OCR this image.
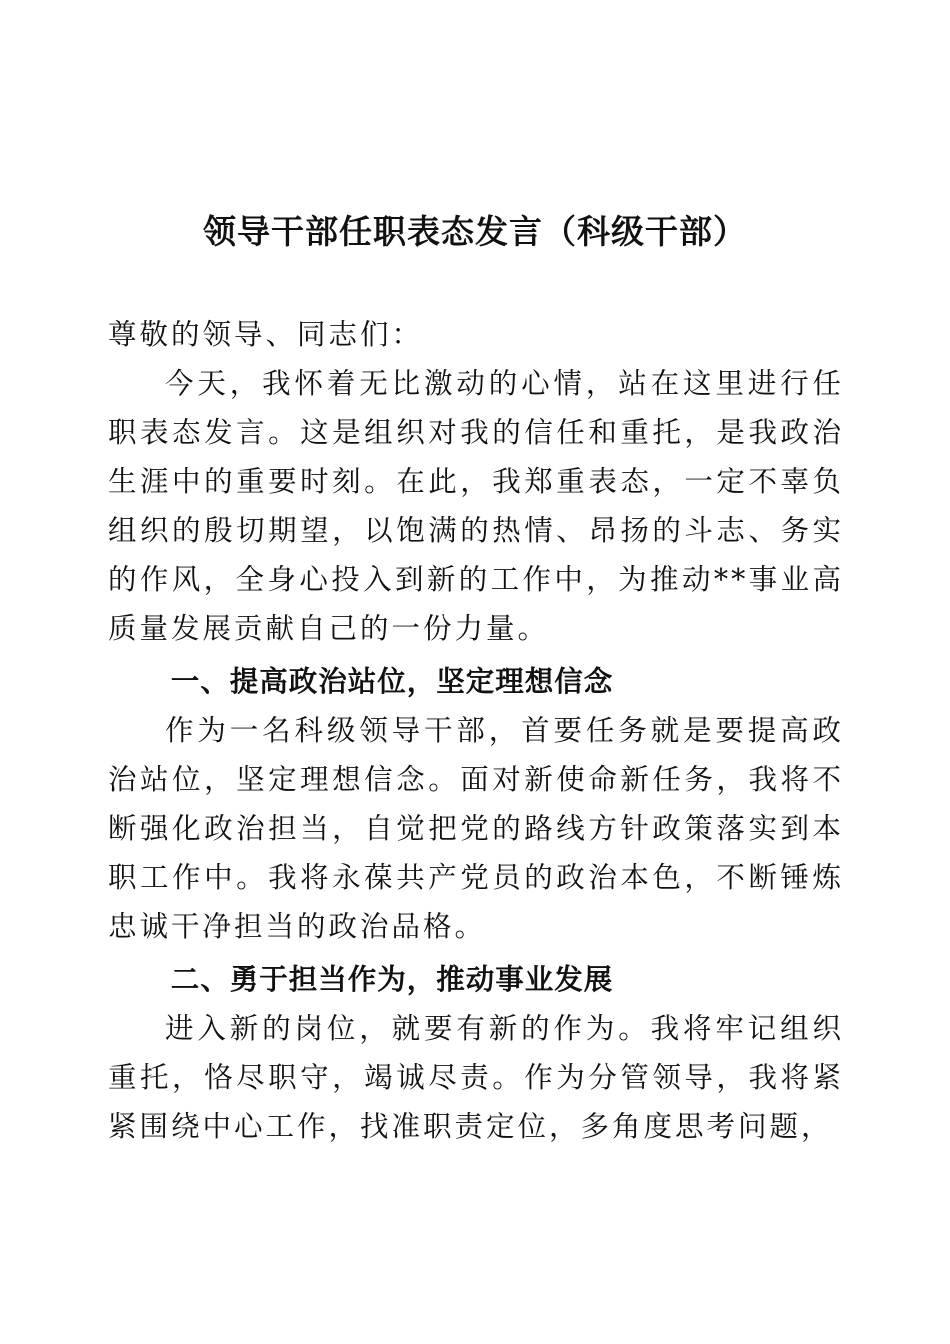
领导干部任职表态发言（科级干部）

尊敬的领导、同志们：

今天，我怀着无比激动的心情，站在这里进行任职表态发言。这是组织对我的信任和重托，是我政治生涯中的重要时刻。在此，我郑重表态，一定不辜负组织的殷切期望，以饱满的热情、昂扬的斗志、务实的作风，全身心投入到新的工作中，为推动**事业高质量发展贡献自己的一份力量。

一、提高政治站位，坚定理想信念

作为一名科级领导干部，首要任务就是要提高政治站位，坚定理想信念。面对新使命新任务，我将不断强化政治担当，自觉把党的路线方针政策落实到本职工作中。我将永葆共产党员的政治本色，不断锤炼忠诚干净担当的政治品格。

二、勇于担当作为，推动事业发展

进入新的岗位，就要有新的作为。我将牢记组织重托，恪尽职守，竭诚尽责。作为分管领导，我将紧紧围绕中心工作，找准职责定位，多角度思考问题，
